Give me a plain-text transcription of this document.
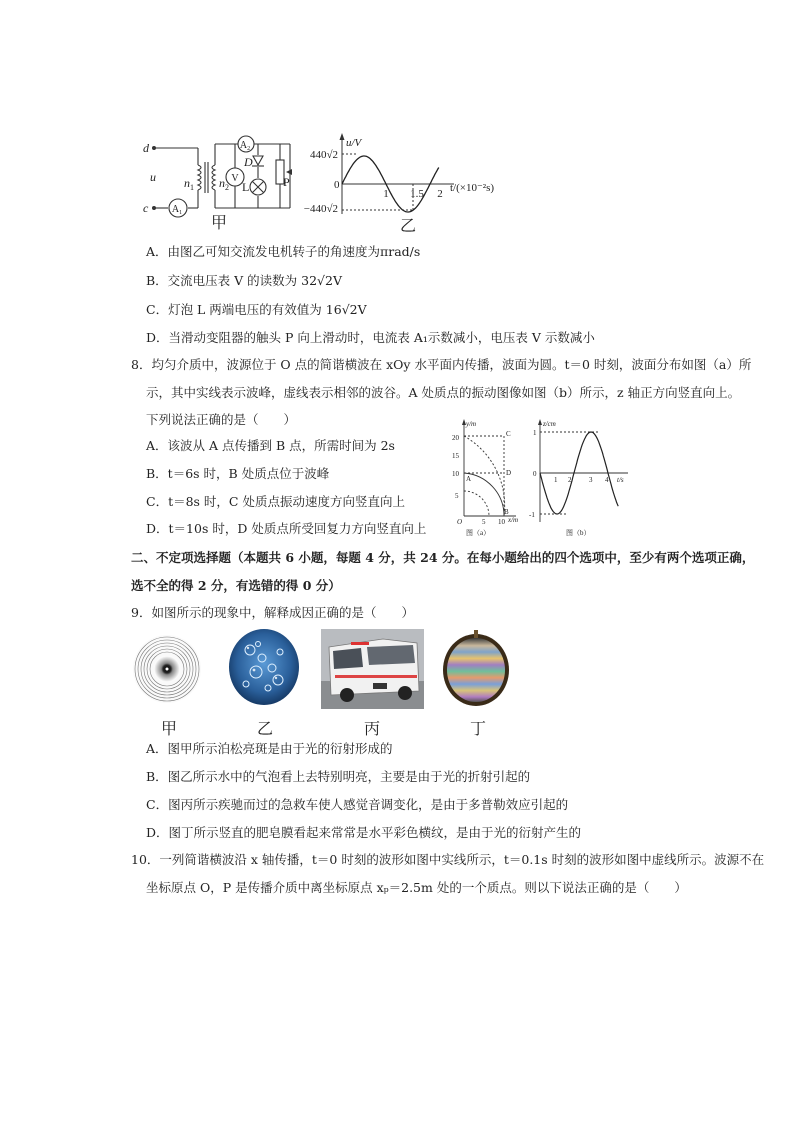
d
c
u $n_1$ $n_2$
D
L	P
$A_1$
$A_2$
V
甲
u/V
440√2
−440√2
0
1 1.5 2 t/(×10⁻²s)
乙
A．由图乙可知交流发电机转子的角速度为πrad/s
B．交流电压表 V 的读数为 32√2V
C．灯泡 L 两端电压的有效值为 16√2V
D．当滑动变阻器的触头 P 向上滑动时，电流表 A₁示数减小，电压表 V 示数减小
8．均匀介质中，波源位于 O 点的简谐横波在 xOy 水平面内传播，波面为圆。t＝0 时刻，波面分布如图（a）所
示，其中实线表示波峰，虚线表示相邻的波谷。A 处质点的振动图像如图（b）所示，z 轴正方向竖直向上。
下列说法正确的是（　　）
A．该波从 A 点传播到 B 点，所需时间为 2s
B．t＝6s 时，B 处质点位于波峰
C．t＝8s 时，C 处质点振动速度方向竖直向上
D．t＝10s 时，D 处质点所受回复力方向竖直向上
y/m
20
15
10
5
O	5 10 x/m
C
D
B
A
图（a）
z/cm
1
0
-1
1 2	3 4 t/s
图（b）
二、不定项选择题（本题共 6 小题，每题 4 分，共 24 分。在每小题给出的四个选项中，至少有两个选项正确，
选不全的得 2 分，有选错的得 0 分）
9．如图所示的现象中，解释成因正确的是（　　）
甲	乙	丙	丁
A．图甲所示泊松亮斑是由于光的衍射形成的
B．图乙所示水中的气泡看上去特别明亮，主要是由于光的折射引起的
C．图丙所示疾驰而过的急救车使人感觉音调变化，是由于多普勒效应引起的
D．图丁所示竖直的肥皂膜看起来常常是水平彩色横纹，是由于光的衍射产生的
10．一列简谐横波沿 x 轴传播，t＝0 时刻的波形如图中实线所示，t＝0.1s 时刻的波形如图中虚线所示。波源不在
坐标原点 O，P 是传播介质中离坐标原点 xₚ＝2.5m 处的一个质点。则以下说法正确的是（　　）
